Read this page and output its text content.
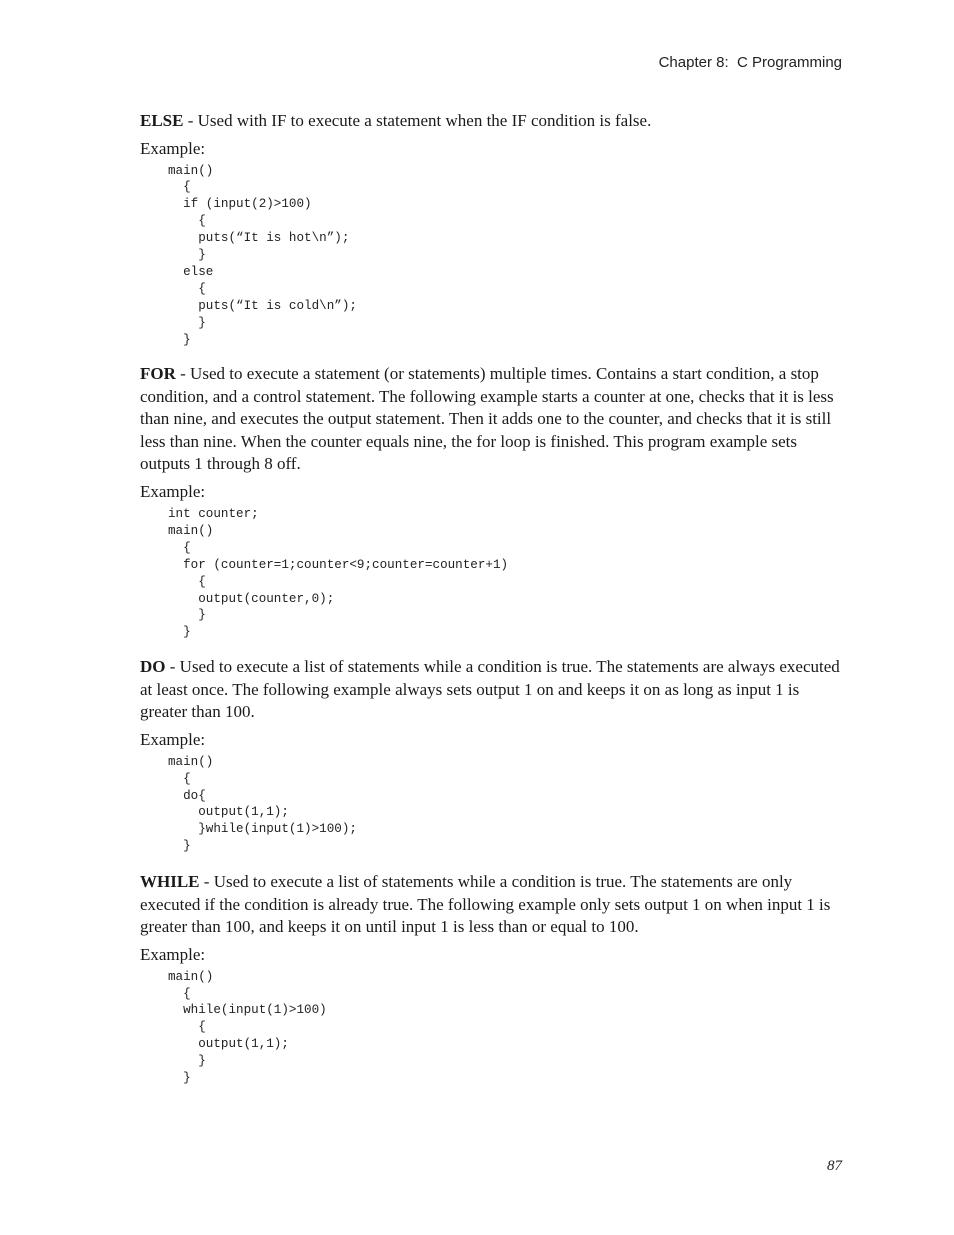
Chapter 8:  C Programming

ELSE - Used with IF to execute a statement when the IF condition is false.

Example:
main()
{
if (input(2)>100)
{
puts(“It is hot\n”);
}
else
{
puts(“It is cold\n”);
}
}

FOR - Used to execute a statement (or statements) multiple times. Contains a start condition, a stop condition, and a control statement. The following example starts a counter at one, checks that it is less than nine, and executes the output statement. Then it adds one to the counter, and checks that it is still less than nine. When the counter equals nine, the for loop is finished. This program example sets outputs 1 through 8 off.

Example:
int counter;
main()
{
for (counter=1;counter<9;counter=counter+1)
{
output(counter,0);
}
}

DO - Used to execute a list of statements while a condition is true. The statements are always executed at least once. The following example always sets output 1 on and keeps it on as long as input 1 is greater than 100.

Example:
main()
{
do{
output(1,1);
}while(input(1)>100);
}

WHILE - Used to execute a list of statements while a condition is true. The statements are only executed if the condition is already true. The following example only sets output 1 on when input 1 is greater than 100, and keeps it on until input 1 is less than or equal to 100.

Example:
main()
{
while(input(1)>100)
{
output(1,1);
}
}
87
